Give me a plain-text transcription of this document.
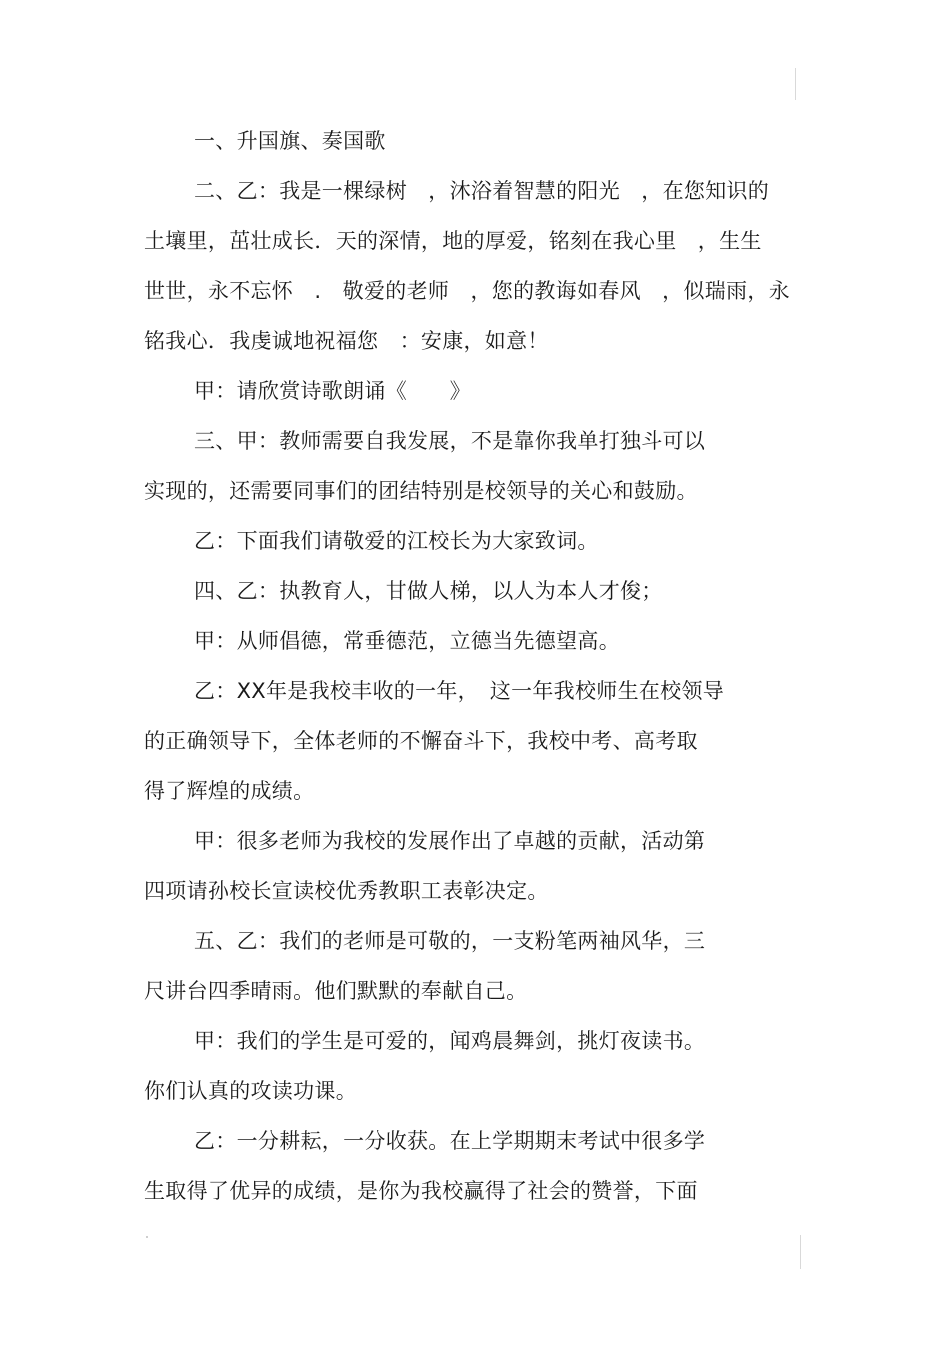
一、升国旗、奏国歌
二、乙：我是一棵绿树　，沐浴着智慧的阳光　，在您知识的
土壤里，茁壮成长．天的深情，地的厚爱，铭刻在我心里　，生生
世世，永不忘怀　.　敬爱的老师　，您的教诲如春风　，似瑞雨，永
铭我心．我虔诚地祝福您　：安康，如意！
甲：请欣赏诗歌朗诵《　　》
三、甲：教师需要自我发展，不是靠你我单打独斗可以
实现的，还需要同事们的团结特别是校领导的关心和鼓励。
乙：下面我们请敬爱的江校长为大家致词。
四、乙：执教育人，甘做人梯，以人为本人才俊；
甲：从师倡德，常垂德范，立德当先德望高。
乙：XX年是我校丰收的一年，　这一年我校师生在校领导
的正确领导下，全体老师的不懈奋斗下，我校中考、高考取
得了辉煌的成绩。
甲：很多老师为我校的发展作出了卓越的贡献，活动第
四项请孙校长宣读校优秀教职工表彰决定。
五、乙：我们的老师是可敬的，一支粉笔两袖风华，三
尺讲台四季晴雨。他们默默的奉献自己。
甲：我们的学生是可爱的，闻鸡晨舞剑，挑灯夜读书。
你们认真的攻读功课。
乙：一分耕耘，一分收获。在上学期期末考试中很多学
生取得了优异的成绩，是你为我校赢得了社会的赞誉，下面
